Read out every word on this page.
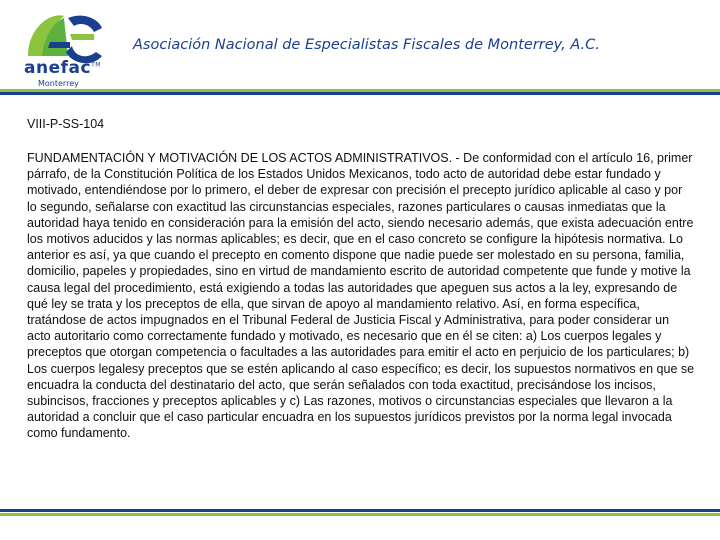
anefac™
Monterrey
Asociación Nacional de Especialistas Fiscales de Monterrey, A.C.
VIII-P-SS-104
FUNDAMENTACIÓN Y MOTIVACIÓN DE LOS ACTOS ADMINISTRATIVOS. - De conformidad con el artículo 16, primer párrafo, de la Constitución Política de los Estados Unidos Mexicanos, todo acto de autoridad debe estar fundado y motivado, entendiéndose por lo primero, el deber de expresar con precisión el precepto jurídico aplicable al caso y por lo segundo, señalarse con exactitud las circunstancias especiales, razones particulares o causas inmediatas que la autoridad haya tenido en consideración para la emisión del acto, siendo necesario además, que exista adecuación entre los motivos aducidos y las normas aplicables; es decir, que en el caso concreto se configure la hipótesis normativa. Lo anterior es así, ya que cuando el precepto en comento dispone que nadie puede ser molestado en su persona, familia, domicilio, papeles y propiedades, sino en virtud de mandamiento escrito de autoridad competente que funde y motive la causa legal del procedimiento, está exigiendo a todas las autoridades que apeguen sus actos a la ley, expresando de qué ley se trata y los preceptos de ella, que sirvan de apoyo al mandamiento relativo. Así, en forma específica, tratándose de actos impugnados en el Tribunal Federal de Justicia Fiscal y Administrativa, para poder considerar un acto autoritario como correctamente fundado y motivado, es necesario que en él se citen: a) Los cuerpos legales y preceptos que otorgan competencia o facultades a las autoridades para emitir el acto en perjuicio de los particulares; b) Los cuerpos legalesy preceptos que se estén aplicando al caso específico; es decir, los supuestos normativos en que se encuadra la conducta del destinatario del acto, que serán señalados con toda exactitud, precisándose los incisos, subincisos, fracciones y preceptos aplicables y c) Las razones, motivos o circunstancias especiales que llevaron a la autoridad a concluir que el caso particular encuadra en los supuestos jurídicos previstos por la norma legal invocada como fundamento.
